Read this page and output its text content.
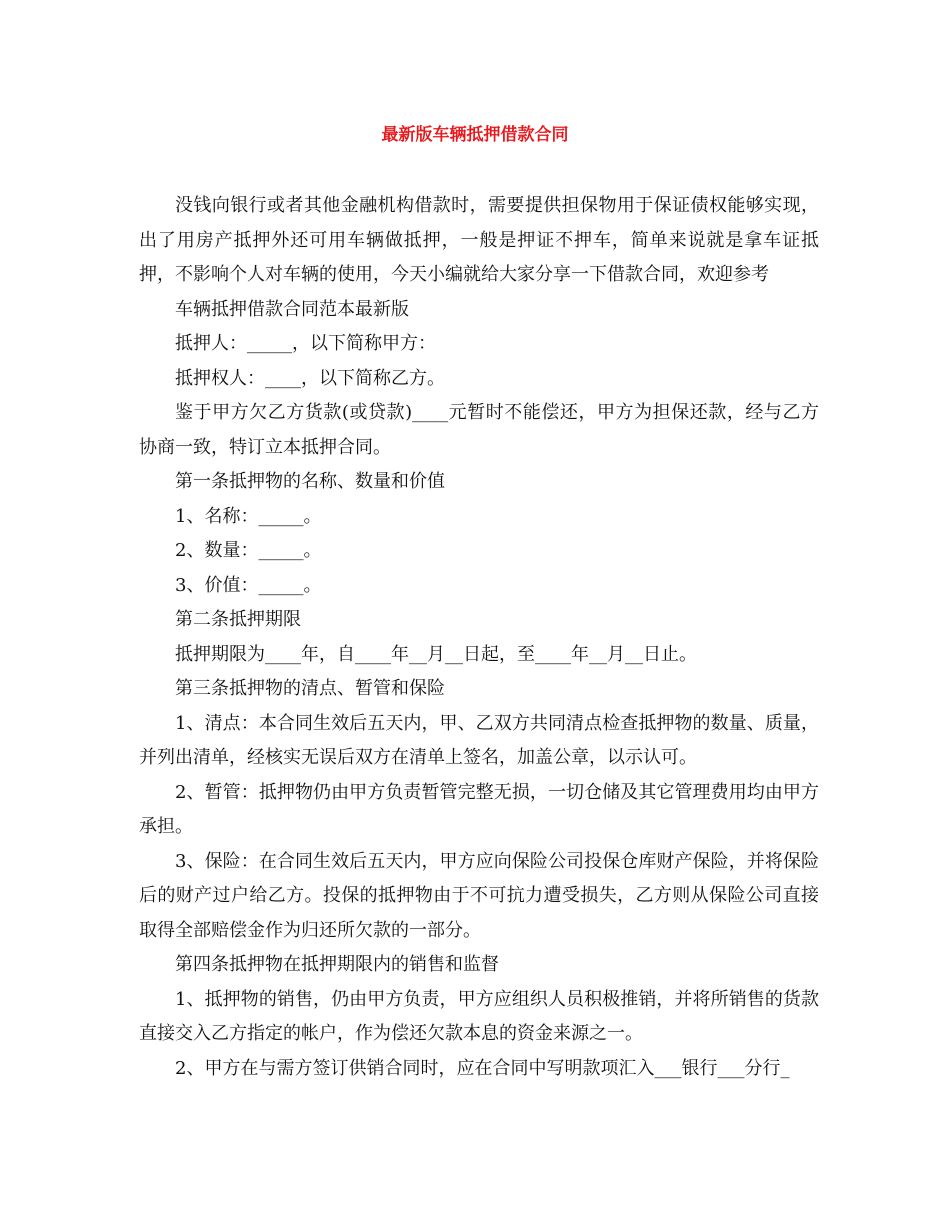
最新版车辆抵押借款合同

没钱向银行或者其他金融机构借款时，需要提供担保物用于保证债权能够实现，出了用房产抵押外还可用车辆做抵押，一般是押证不押车，简单来说就是拿车证抵押，不影响个人对车辆的使用，今天小编就给大家分享一下借款合同，欢迎参考

车辆抵押借款合同范本最新版

抵押人：_____，以下简称甲方：

抵押权人：____，以下简称乙方。

鉴于甲方欠乙方货款(或贷款)____元暂时不能偿还，甲方为担保还款，经与乙方协商一致，特订立本抵押合同。

第一条抵押物的名称、数量和价值

1、名称：_____。

2、数量：_____。

3、价值：_____。

第二条抵押期限

抵押期限为____年，自____年__月__日起，至____年__月__日止。

第三条抵押物的清点、暂管和保险

1、清点：本合同生效后五天内，甲、乙双方共同清点检查抵押物的数量、质量，并列出清单，经核实无误后双方在清单上签名，加盖公章，以示认可。

2、暂管：抵押物仍由甲方负责暂管完整无损，一切仓储及其它管理费用均由甲方承担。

3、保险：在合同生效后五天内，甲方应向保险公司投保仓库财产保险，并将保险后的财产过户给乙方。投保的抵押物由于不可抗力遭受损失，乙方则从保险公司直接取得全部赔偿金作为归还所欠款的一部分。

第四条抵押物在抵押期限内的销售和监督

1、抵押物的销售，仍由甲方负责，甲方应组织人员积极推销，并将所销售的货款直接交入乙方指定的帐户，作为偿还欠款本息的资金来源之一。

2、甲方在与需方签订供销合同时，应在合同中写明款项汇入___银行___分行_
